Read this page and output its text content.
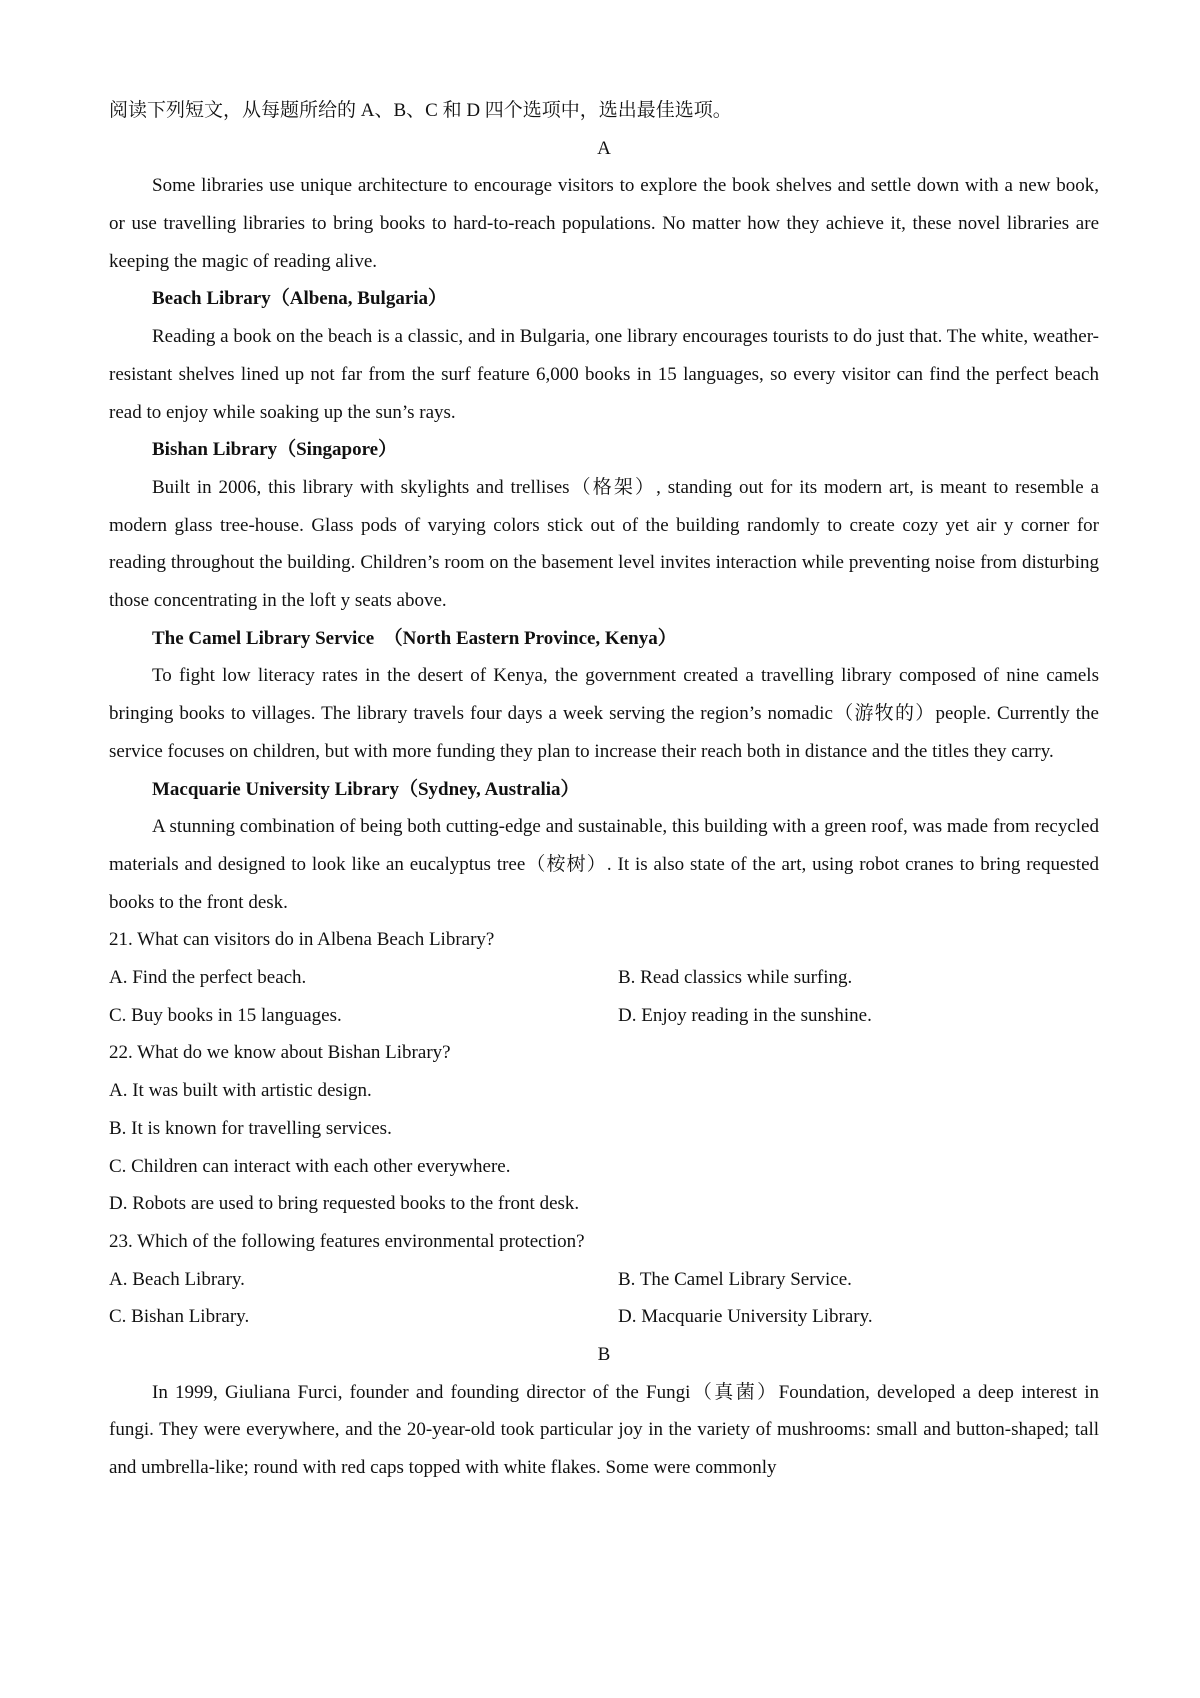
阅读下列短文，从每题所给的 A、B、C 和 D 四个选项中，选出最佳选项。
A
Some libraries use unique architecture to encourage visitors to explore the book shelves and settle down with a new book, or use travelling libraries to bring books to hard-to-reach populations. No matter how they achieve it, these novel libraries are keeping the magic of reading alive.
Beach Library（Albena, Bulgaria）
Reading a book on the beach is a classic, and in Bulgaria, one library encourages tourists to do just that. The white, weather-resistant shelves lined up not far from the surf feature 6,000 books in 15 languages, so every visitor can find the perfect beach read to enjoy while soaking up the sun’s rays.
Bishan Library（Singapore）
Built in 2006, this library with skylights and trellises（格架）, standing out for its modern art, is meant to resemble a modern glass tree-house. Glass pods of varying colors stick out of the building randomly to create cozy yet air y corner for reading throughout the building. Children’s room on the basement level invites interaction while preventing noise from disturbing those concentrating in the loft y seats above.
The Camel Library Service　（North Eastern Province, Kenya）
To fight low literacy rates in the desert of Kenya, the government created a travelling library composed of nine camels bringing books to villages. The library travels four days a week serving the region’s nomadic（游牧的）people. Currently the service focuses on children, but with more funding they plan to increase their reach both in distance and the titles they carry.
Macquarie University Library（Sydney, Australia）
A stunning combination of being both cutting-edge and sustainable, this building with a green roof, was made from recycled materials and designed to look like an eucalyptus tree（桉树）. It is also state of the art, using robot cranes to bring requested books to the front desk.
21. What can visitors do in Albena Beach Library?
A. Find the perfect beach.	B. Read classics while surfing.
C. Buy books in 15 languages.	D. Enjoy reading in the sunshine.
22. What do we know about Bishan Library?
A. It was built with artistic design.
B. It is known for travelling services.
C. Children can interact with each other everywhere.
D. Robots are used to bring requested books to the front desk.
23. Which of the following features environmental protection?
A. Beach Library.	B. The Camel Library Service.
C. Bishan Library.	D. Macquarie University Library.
B
In 1999, Giuliana Furci, founder and founding director of the Fungi（真菌）Foundation, developed a deep interest in fungi. They were everywhere, and the 20-year-old took particular joy in the variety of mushrooms: small and button-shaped; tall and umbrella-like; round with red caps topped with white flakes. Some were commonly
